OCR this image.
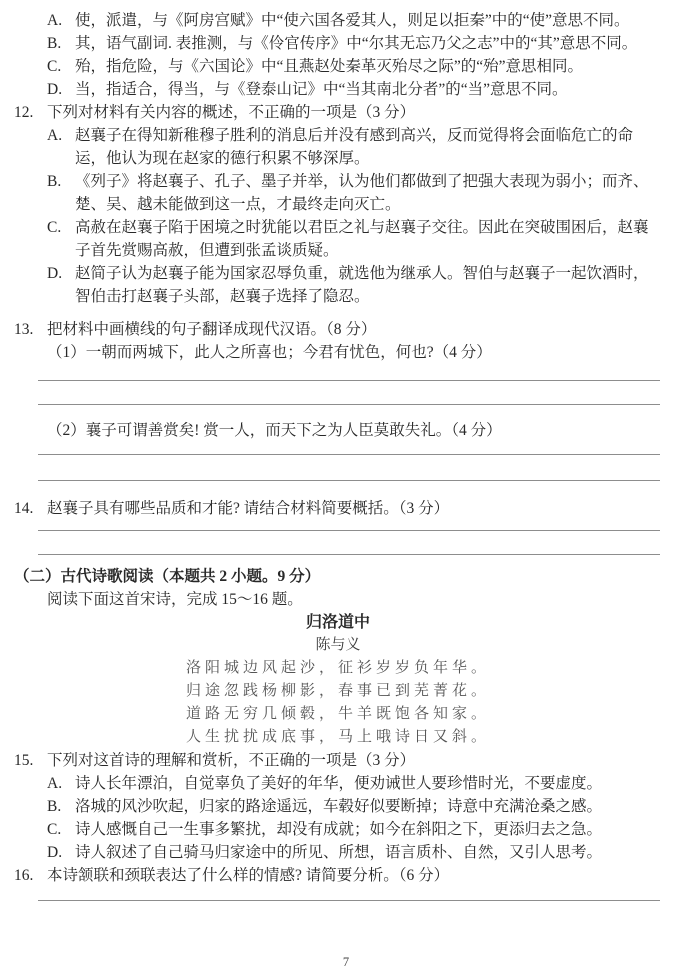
A. 使，派遣，与《阿房宫赋》中“使六国各爱其人，则足以拒秦”中的“使”意思不同。
B. 其，语气副词. 表推测，与《伶官传序》中“尔其无忘乃父之志”中的“其”意思不同。
C. 殆，指危险，与《六国论》中“且燕赵处秦革灭殆尽之际”的“殆”意思相同。
D. 当，指适合，得当，与《登泰山记》中“当其南北分者”的“当”意思不同。
12. 下列对材料有关内容的概述，不正确的一项是（3 分）
A. 赵襄子在得知新稚穆子胜利的消息后并没有感到高兴，反而觉得将会面临危亡的命运，他认为现在赵家的德行积累不够深厚。
B. 《列子》将赵襄子、孔子、墨子并举，认为他们都做到了把强大表现为弱小；而齐、楚、吴、越未能做到这一点，才最终走向灭亡。
C. 高赦在赵襄子陷于困境之时犹能以君臣之礼与赵襄子交往。因此在突破围困后，赵襄子首先赏赐高赦，但遭到张孟谈质疑。
D. 赵简子认为赵襄子能为国家忍辱负重，就选他为继承人。智伯与赵襄子一起饮酒时，智伯击打赵襄子头部，赵襄子选择了隐忍。
13. 把材料中画横线的句子翻译成现代汉语。（8 分）
（1）一朝而两城下，此人之所喜也；今君有忧色，何也?（4 分）
（2）襄子可谓善赏矣! 赏一人，而天下之为人臣莫敢失礼。（4 分）
14. 赵襄子具有哪些品质和才能? 请结合材料简要概括。（3 分）
（二）古代诗歌阅读（本题共 2 小题。9 分）
阅读下面这首宋诗，完成 15～16 题。
归洛道中
陈与义
洛阳城边风起沙，征衫岁岁负年华。
归途忽践杨柳影，春事已到芜菁花。
道路无穷几倾毂，牛羊既饱各知家。
人生扰扰成底事，马上哦诗日又斜。
15. 下列对这首诗的理解和赏析，不正确的一项是（3 分）
A. 诗人长年漂泊，自觉辜负了美好的年华，便劝诫世人要珍惜时光，不要虚度。
B. 洛城的风沙吹起，归家的路途遥远，车毂好似要断掉；诗意中充满沧桑之感。
C. 诗人感慨自己一生事多繁扰，却没有成就；如今在斜阳之下，更添归去之急。
D. 诗人叙述了自己骑马归家途中的所见、所想，语言质朴、自然，又引人思考。
16. 本诗颔联和颈联表达了什么样的情感? 请简要分析。（6 分）
7
